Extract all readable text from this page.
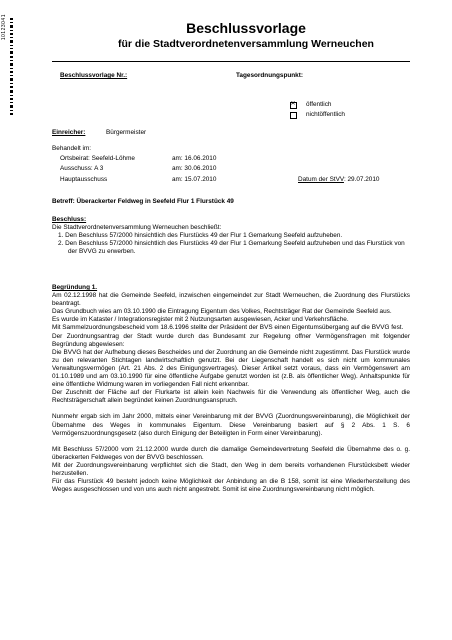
10123041	Beschlussvorlage
für die Stadtverordnetenversammlung Werneuchen
Beschlussvorlage Nr.:	Tagesordnungspunkt:
✕
öffentlich
nichtöffentlich
Einreicher:	Bürgermeister
Behandelt im:
Ortsbeirat: Seefeld-Löhme	am: 16.06.2010
Ausschuss: A 3	am: 30.06.2010
Hauptausschuss	am: 15.07.2010	Datum der StVV: 29.07.2010
Betreff: Überackerter Feldweg in Seefeld Flur 1 Flurstück 49
Beschluss:
Die Stadtverordnetenversammlung Werneuchen beschließt:
1. Den Beschluss 57/2000 hinsichtlich des Flurstücks 49 der Flur 1 Gemarkung Seefeld aufzuheben.
2. Den Beschluss 57/2000 hinsichtlich des Flurstücks 49 der Flur 1 Gemarkung Seefeld aufzuheben und das Flurstück von der BVVG zu erwerben.
Begründung 1.

Am 02.12.1998 hat die Gemeinde Seefeld, inzwischen eingemeindet zur Stadt Werneuchen, die Zuordnung des Flurstücks beantragt.
Das Grundbuch wies am 03.10.1990 die Eintragung Eigentum des Volkes, Rechtsträger Rat der Gemeinde Seefeld aus.
Es wurde im Kataster / Integrationsregister mit 2 Nutzungsarten ausgewiesen, Acker und Verkehrsfläche.
Mit Sammelzuordnungsbescheid vom 18.6.1996 stellte der Präsident der BVS einen Eigentumsübergang auf die BVVG fest.
Der Zuordnungsantrag der Stadt wurde durch das Bundesamt zur Regelung offner Vermögensfragen mit folgender Begründung abgewiesen:
Die BVVG hat der Aufhebung dieses Bescheides und der Zuordnung an die Gemeinde nicht zugestimmt. Das Flurstück wurde zu den relevanten Stichtagen landwirtschaftlich genutzt. Bei der Liegenschaft handelt es sich nicht um kommunales Verwaltungsvermögen (Art. 21 Abs. 2 des Einigungsvertrages). Dieser Artikel setzt voraus, dass ein Vermögenswert am 01.10.1989 und am 03.10.1990 für eine öffentliche Aufgabe genutzt worden ist (z.B. als öffentlicher Weg). Anhaltspunkte für eine öffentliche Widmung waren im vorliegenden Fall nicht erkennbar.
Der Zuschnitt der Fläche auf der Flurkarte ist allein kein Nachweis für die Verwendung als öffentlicher Weg, auch die Rechtsträgerschaft allein begründet keinen Zuordnungsanspruch.

Nunmehr ergab sich im Jahr 2000, mittels einer Vereinbarung mit der BVVG (Zuordnungsvereinbarung), die Möglichkeit der Übernahme des Weges in kommunales Eigentum. Diese Vereinbarung basiert auf § 2 Abs. 1 S. 6 Vermögenszuordnungsgesetz (also durch Einigung der Beteiligten in Form einer Vereinbarung).

Mit Beschluss 57/2000 vom 21.12.2000 wurde durch die damalige Gemeindevertretung Seefeld die Übernahme des o. g. überackerten Feldweges von der BVVG beschlossen.
Mit der Zuordnungsvereinbarung verpflichtet sich die Stadt, den Weg in dem bereits vorhandenen Flurstücksbett wieder herzustellen.
Für das Flurstück 49 besteht jedoch keine Möglichkeit der Anbindung an die B 158, somit ist eine Wiederherstellung des Weges ausgeschlossen und von uns auch nicht angestrebt. Somit ist eine Zuordnungsvereinbarung nicht möglich.
